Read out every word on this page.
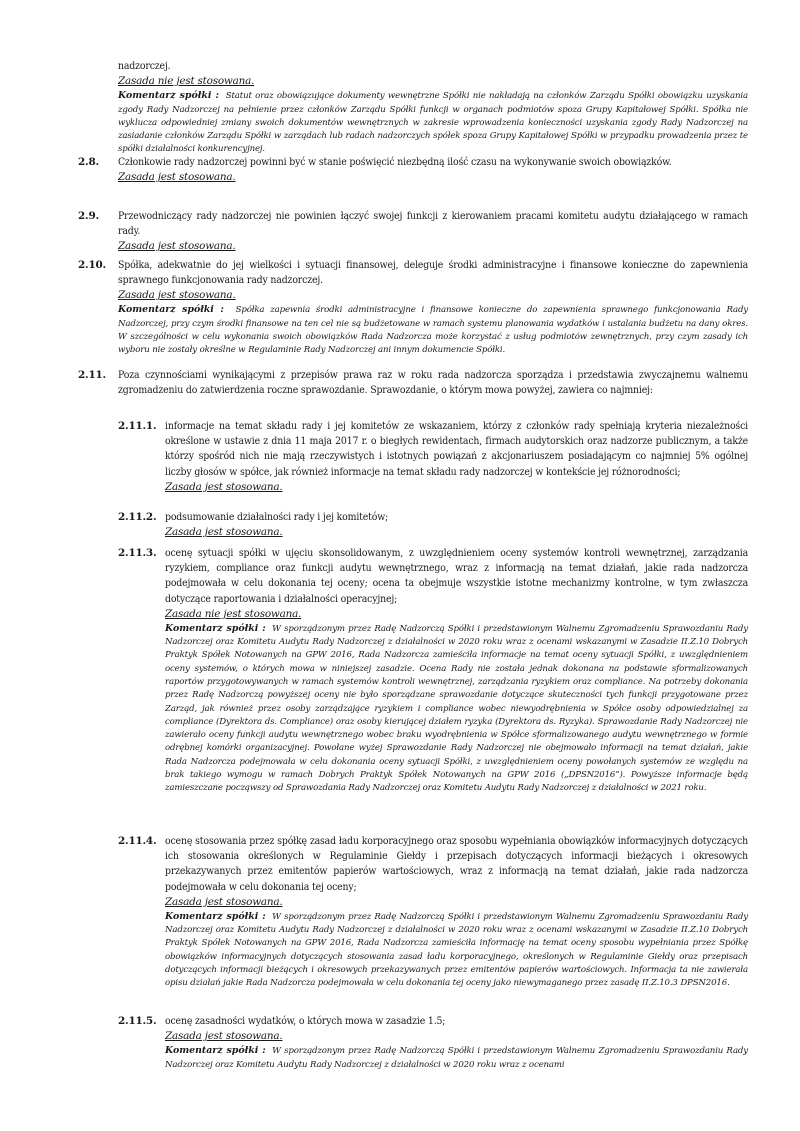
nadzorczej.
Zasada nie jest stosowana.
Komentarz spółki : Statut oraz obowiązujące dokumenty wewnętrzne Spółki nie nakładają na członków Zarządu Spółki obowiązku uzyskania zgody Rady Nadzorczej na pełnienie przez członków Zarządu Spółki funkcji w organach podmiotów spoza Grupy Kapitałowej Spółki. Spółka nie wyklucza odpowiedniej zmiany swoich dokumentów wewnętrznych w zakresie wprowadzenia konieczności uzyskania zgody Rady Nadzorczej na zasiadanie członków Zarządu Spółki w zarządach lub radach nadzorczych spółek spoza Grupy Kapitałowej Spółki w przypadku prowadzenia przez te spółki działalności konkurencyjnej.
2.8. Członkowie rady nadzorczej powinni być w stanie poświęcić niezbędną ilość czasu na wykonywanie swoich obowiązków.
Zasada jest stosowana.
2.9. Przewodniczący rady nadzorczej nie powinien łączyć swojej funkcji z kierowaniem pracami komitetu audytu działającego w ramach rady.
Zasada jest stosowana.
2.10. Spółka, adekwatnie do jej wielkości i sytuacji finansowej, deleguje środki administracyjne i finansowe konieczne do zapewnienia sprawnego funkcjonowania rady nadzorczej.
Zasada jest stosowana.
Komentarz spółki : Spółka zapewnia środki administracyjne i finansowe konieczne do zapewnienia sprawnego funkcjonowania Rady Nadzorczej, przy czym środki finansowe na ten cel nie są budżetowane w ramach systemu planowania wydatków i ustalania budżetu na dany okres. W szczególności w celu wykonania swoich obowiązków Rada Nadzorcza może korzystać z usług podmiotów zewnętrznych, przy czym zasady ich wyboru nie zostały określne w Regulaminie Rady Nadzorczej ani innym dokumencie Spółki.
2.11. Poza czynnościami wynikającymi z przepisów prawa raz w roku rada nadzorcza sporządza i przedstawia zwyczajnemu walnemu zgromadzeniu do zatwierdzenia roczne sprawozdanie. Sprawozdanie, o którym mowa powyżej, zawiera co najmniej:
2.11.1. informacje na temat składu rady i jej komitetów ze wskazaniem, którzy z członków rady spełniają kryteria niezależności określone w ustawie z dnia 11 maja 2017 r. o biegłych rewidentach, firmach audytorskich oraz nadzorze publicznym, a także którzy spośród nich nie mają rzeczywistych i istotnych powiązań z akcjonariuszem posiadającym co najmniej 5% ogólnej liczby głosów w spółce, jak również informacje na temat składu rady nadzorczej w kontekście jej różnorodności;
Zasada jest stosowana.
2.11.2. podsumowanie działalności rady i jej komitetów;
Zasada jest stosowana.
2.11.3. ocenę sytuacji spółki w ujęciu skonsolidowanym, z uwzględnieniem oceny systemów kontroli wewnętrznej, zarządzania ryzykiem, compliance oraz funkcji audytu wewnętrznego, wraz z informacją na temat działań, jakie rada nadzorcza podejmowała w celu dokonania tej oceny; ocena ta obejmuje wszystkie istotne mechanizmy kontrolne, w tym zwłaszcza dotyczące raportowania i działalności operacyjnej;
Zasada nie jest stosowana.
Komentarz spółki : W sporządzonym przez Radę Nadzorczą Spółki i przedstawionym Walnemu Zgromadzeniu Sprawozdaniu Rady Nadzorczej oraz Komitetu Audytu Rady Nadzorczej z działalności w 2020 roku wraz z ocenami wskazanymi w Zasadzie II.Z.10 Dobrych Praktyk Spółek Notowanych na GPW 2016, Rada Nadzorcza zamieściła informacje na temat oceny sytuacji Spółki, z uwzględnieniem oceny systemów, o których mowa w niniejszej zasadzie. Ocena Rady nie została jednak dokonana na podstawie sformalizowanych raportów przygotowywanych w ramach systemów kontroli wewnętrznej, zarządzania ryzykiem oraz compliance. Na potrzeby dokonania przez Radę Nadzorczą powyższej oceny nie było sporządzane sprawozdanie dotyczące skuteczności tych funkcji przygotowane przez Zarząd, jak również przez osoby zarządzające ryzykiem i compliance wobec niewyodrębnienia w Spółce osoby odpowiedzialnej za compliance (Dyrektora ds. Compliance) oraz osoby kierującej działem ryzyka (Dyrektora ds. Ryzyka). Sprawozdanie Rady Nadzorczej nie zawierało oceny funkcji audytu wewnętrznego wobec braku wyodrębnienia w Spółce sformalizowanego audytu wewnętrznego w formie odrębnej komórki organizacyjnej. Powołane wyżej Sprawozdanie Rady Nadzorczej nie obejmowało informacji na temat działań, jakie Rada Nadzorcza podejmowała w celu dokonania oceny sytuacji Spółki, z uwzględnieniem oceny powołanych systemów ze względu na brak takiego wymogu w ramach Dobrych Praktyk Spółek Notowanych na GPW 2016 („DPSN2016”). Powyższe informacje będą zamieszczane począwszy od Sprawozdania Rady Nadzorczej oraz Komitetu Audytu Rady Nadzorczej z działalności w 2021 roku.
2.11.4. ocenę stosowania przez spółkę zasad ładu korporacyjnego oraz sposobu wypełniania obowiązków informacyjnych dotyczących ich stosowania określonych w Regulaminie Giełdy i przepisach dotyczących informacji bieżących i okresowych przekazywanych przez emitentów papierów wartościowych, wraz z informacją na temat działań, jakie rada nadzorcza podejmowała w celu dokonania tej oceny;
Zasada jest stosowana.
Komentarz spółki : W sporządzonym przez Radę Nadzorczą Spółki i przedstawionym Walnemu Zgromadzeniu Sprawozdaniu Rady Nadzorczej oraz Komitetu Audytu Rady Nadzorczej z działalności w 2020 roku wraz z ocenami wskazanymi w Zasadzie II.Z.10 Dobrych Praktyk Spółek Notowanych na GPW 2016, Rada Nadzorcza zamieściła informację na temat oceny sposobu wypełniania przez Spółkę obowiązków informacyjnych dotyczących stosowania zasad ładu korporacyjnego, określonych w Regulaminie Giełdy oraz przepisach dotyczących informacji bieżących i okresowych przekazywanych przez emitentów papierów wartościowych. Informacja ta nie zawierała opisu działań jakie Rada Nadzorcza podejmowała w celu dokonania tej oceny jako niewymaganego przez zasadę II.Z.10.3 DPSN2016.
2.11.5. ocenę zasadności wydatków, o których mowa w zasadzie 1.5;
Zasada jest stosowana.
Komentarz spółki : W sporządzonym przez Radę Nadzorczą Spółki i przedstawionym Walnemu Zgromadzeniu Sprawozdaniu Rady Nadzorczej oraz Komitetu Audytu Rady Nadzorczej z działalności w 2020 roku wraz z ocenami
